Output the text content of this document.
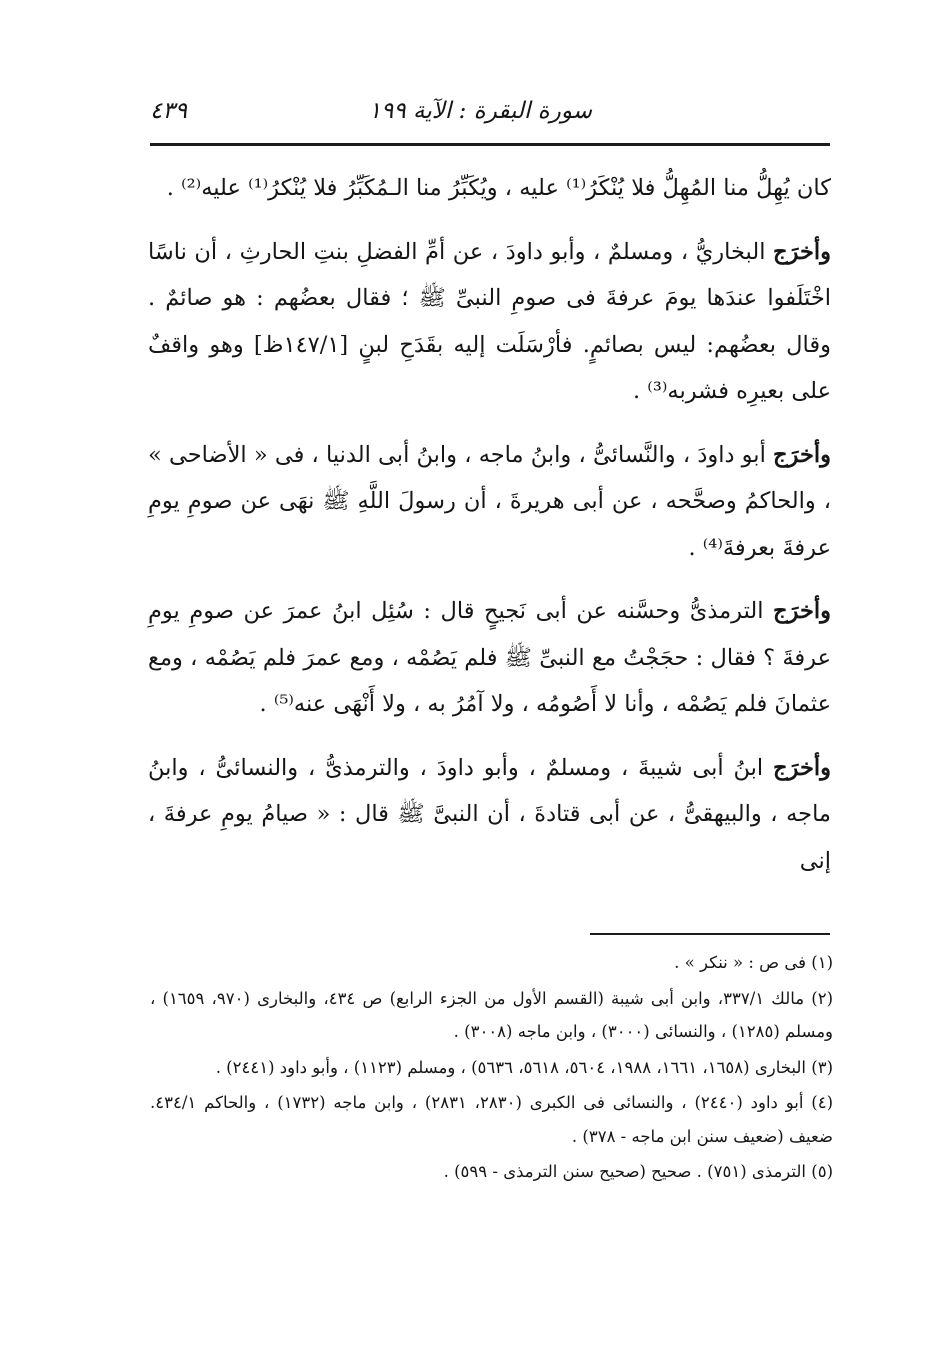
سورة البقرة : الآية ١٩٩
٤٣٩

كان يُهِلُّ منا المُهِلُّ فلا يُنْكَرُ⁽¹⁾ عليه ، ويُكَبِّرُ منا الـمُكَبِّرُ فلا يُنْكرُ⁽¹⁾ عليه⁽²⁾ .

وأخرَج البخاريُّ ، ومسلمٌ ، وأبو داودَ ، عن أمِّ الفضلِ بنتِ الحارثِ ، أن ناسًا اخْتَلَفوا عندَها يومَ عرفةَ فى صومِ النبىِّ ﷺ ؛ فقال بعضُهم : هو صائمٌ . وقال بعضُهم: ليس بصائمٍ. فأرْسَلَت إليه بقَدَحِ لبنٍ [١٤٧/١ظ] وهو واقفٌ على بعيرِه فشربه⁽³⁾ .

وأخرَج أبو داودَ ، والنَّسائىُّ ، وابنُ ماجه ، وابنُ أبى الدنيا ، فى « الأضاحى » ، والحاكمُ وصحَّحه ، عن أبى هريرةَ ، أن رسولَ اللَّهِ ﷺ نهَى عن صومِ يومِ عرفةَ بعرفةَ⁽⁴⁾ .

وأخرَج الترمذىُّ وحسَّنه عن أبى نَجيحٍ قال : سُئِل ابنُ عمرَ عن صومِ يومِ عرفةَ ؟ فقال : حجَجْتُ مع النبىِّ ﷺ فلم يَصُمْه ، ومع عمرَ فلم يَصُمْه ، ومع عثمانَ فلم يَصُمْه ، وأنا لا أَصُومُه ، ولا آمُرُ به ، ولا أَنْهَى عنه⁽⁵⁾ .

وأخرَج ابنُ أبى شيبةَ ، ومسلمٌ ، وأبو داودَ ، والترمذىُّ ، والنسائىُّ ، وابنُ ماجه ، والبيهقىُّ ، عن أبى قتادةَ ، أن النبىَّ ﷺ قال : « صيامُ يومِ عرفةَ ، إنى

(١) فى ص : « ننكر » .

(٢) مالك ٣٣٧/١، وابن أبى شيبة (القسم الأول من الجزء الرابع) ص ٤٣٤، والبخارى (٩٧٠، ١٦٥٩) ، ومسلم (١٢٨٥) ، والنسائى (٣٠٠٠) ، وابن ماجه (٣٠٠٨) .

(٣) البخارى (١٦٥٨، ١٦٦١، ١٩٨٨، ٥٦٠٤، ٥٦١٨، ٥٦٣٦) ، ومسلم (١١٢٣) ، وأبو داود (٢٤٤١) .

(٤) أبو داود (٢٤٤٠) ، والنسائى فى الكبرى (٢٨٣٠، ٢٨٣١) ، وابن ماجه (١٧٣٢) ، والحاكم ٤٣٤/١. ضعيف (ضعيف سنن ابن ماجه - ٣٧٨) .

(٥) الترمذى (٧٥١) . صحيح (صحيح سنن الترمذى - ٥٩٩) .
